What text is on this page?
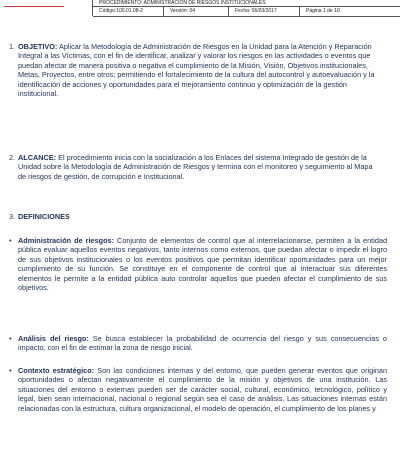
PROCEDIMIENTO: ADMINISTRACIÓN DE RIESGOS INSTITUCIONALES
Código:100.01.08-2	Versión: 04	Fecha: 06/03/2017	Página 1 de 10
1. OBJETIVO: Aplicar la Metodología de Administración de Riesgos en la Unidad para la Atención y Reparación Integral a las Víctimas, con el fin de identificar, analizar y valorar los riesgos en las actividades o eventos que puedan afectar de manera positiva o negativa el cumplimiento de la Misión, Visión, Objetivos institucionales, Metas, Proyectos, entre otros; permitiendo el fortalecimiento de la cultura del autocontrol y autoevaluación y la identificación de acciones y oportunidades para el mejoramiento continuo y optimización de la gestión institucional.
2. ALCANCE: El procedimiento inicia con la socialización a los Enlaces del sistema Integrado de gestión de la Unidad sobre la Metodología de Administración de Riesgos y termina con el monitoreo y seguimiento al Mapa de riesgos de gestión, de corrupción e Institucional.
3. DEFINICIONES
• Administración de riesgos: Conjunto de elementos de control que al interrelacionarse, permiten a la entidad pública evaluar aquellos eventos negativos, tanto internos como externos, que puedan afectar o impedir el logro de sus objetivos institucionales o los eventos positivos que permitan identificar oportunidades para un mejor cumplimiento de su función. Se constituye en el componente de control que al interactuar sus diferentes elementos le permite a la entidad pública auto controlar aquellos que pueden afectar el cumplimiento de sus objetivos.
• Análisis del riesgo: Se busca establecer la probabilidad de ocurrencia del riesgo y sus consecuencias o impacto, con el fin de estimar la zona de riesgo inicial.
• Contexto estratégico: Son las condiciones internas y del entorno, que pueden generar eventos que originan oportunidades o afectan negativamente el cumplimiento de la misión y objetivos de una institución. Las situaciones del entorno o externas pueden ser de carácter social, cultural, económico, tecnológico, político y legal, bien sean internacional, nacional o regional según sea el caso de análisis. Las situaciones internas están relacionadas con la estructura, cultura organizacional, el modelo de operación, el cumplimiento de los planes y
